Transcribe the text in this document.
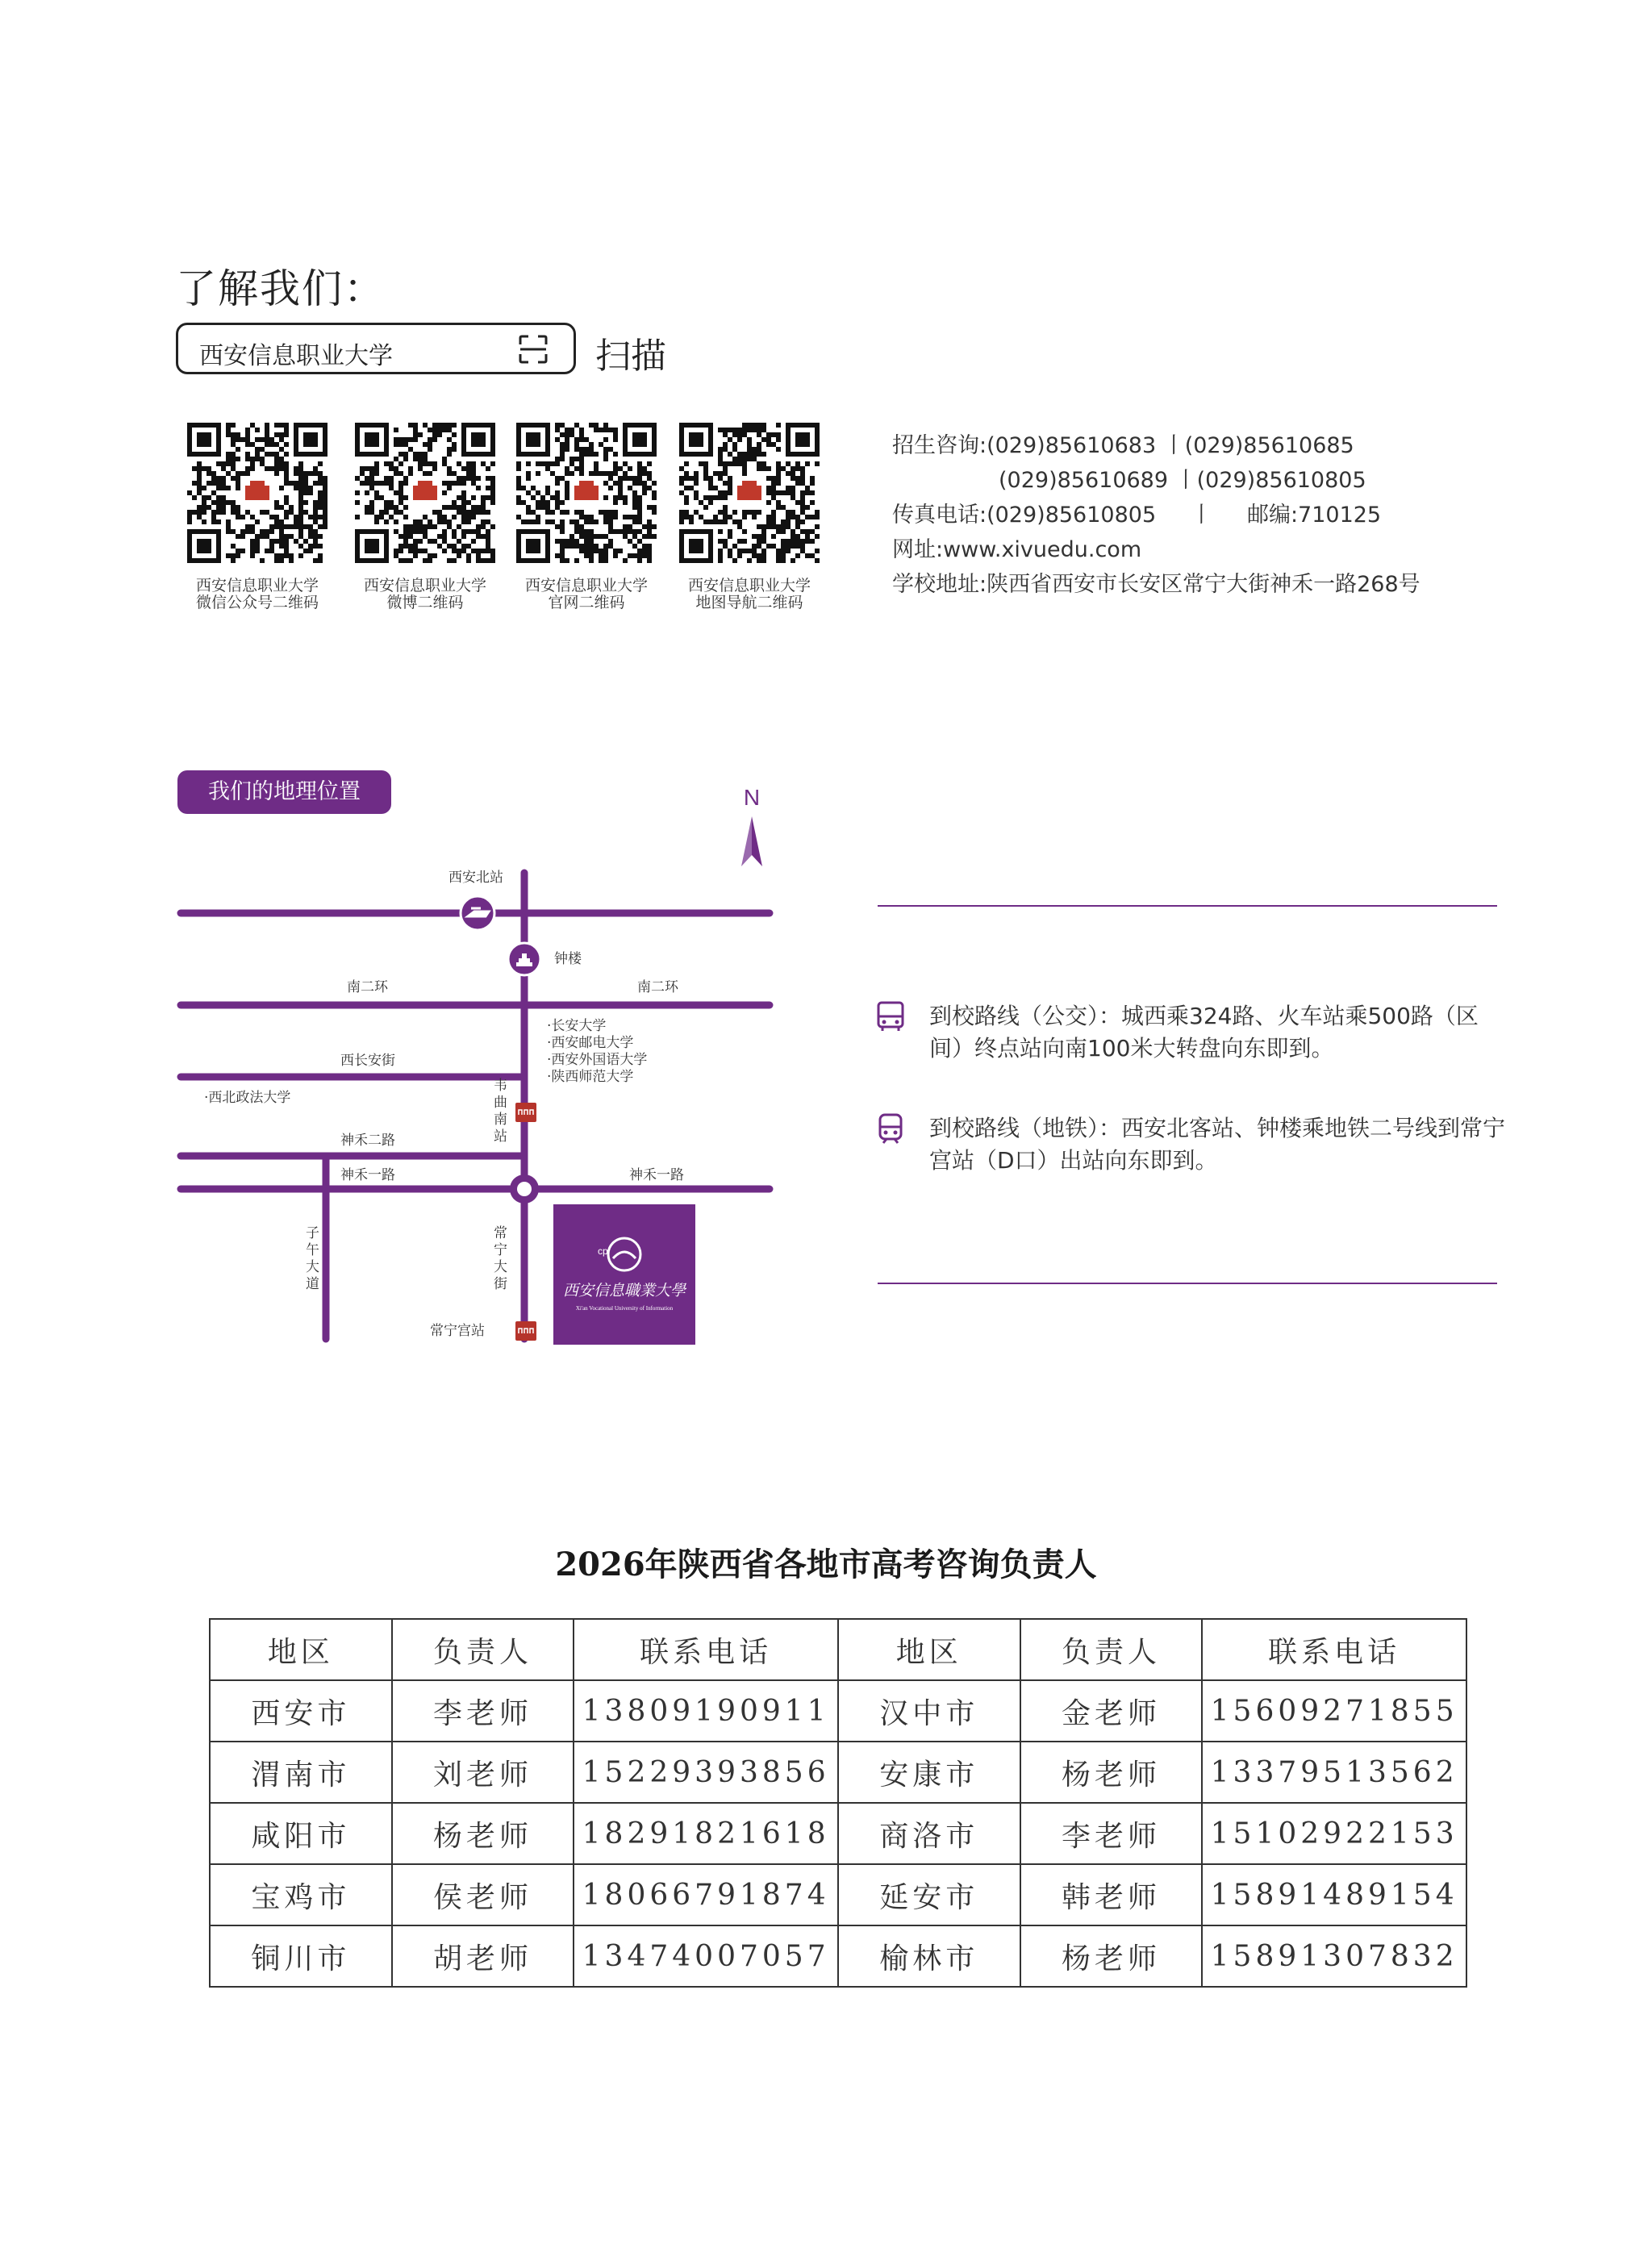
了解我们：
西安信息职业大学	扫描
西安信息职业大学
微信公众号二维码
西安信息职业大学
微博二维码
西安信息职业大学
官网二维码
西安信息职业大学
地图导航二维码
招生咨询:(029)85610683 丨(029)85610685
(029)85610689 丨(029)85610805
传真电话:(029)85610805     丨     邮编:710125
网址:www.xivuedu.com
学校地址:陕西省西安市长安区常宁大街神禾一路268号
我们的地理位置
cp
西安信息職業大學
Xi'an Vocational University of Information
N
西安北站
钟楼
南二环	南二环
·长安大学
·西安邮电大学
·西安外国语大学
·陕西师范大学
西长安街
·西北政法大学
神禾二路
神禾一路	神禾一路
常宁宫站
韦曲南站
子午大道
常宁大街
到校路线（公交）：城西乘324路、火车站乘500路（区间）终点站向南100米大转盘向东即到。
到校路线（地铁）：西安北客站、钟楼乘地铁二号线到常宁宫站（D口）出站向东即到。
2026年陕西省各地市高考咨询负责人
地区	负责人	联系电话	地区	负责人	联系电话
西安市	李老师	13809190911	汉中市	金老师	15609271855
渭南市	刘老师	15229393856	安康市	杨老师	13379513562
咸阳市	杨老师	18291821618	商洛市	李老师	15102922153
宝鸡市	侯老师	18066791874	延安市	韩老师	15891489154
铜川市	胡老师	13474007057	榆林市	杨老师	15891307832
